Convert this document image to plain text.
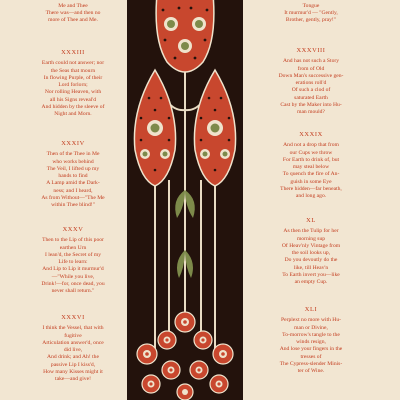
Me and Thee
There was—and then no
more of Thee and Me.
XXXIII
Earth could not answer; nor
the Seas that mourn
In flowing Purple, of their
Lord forlorn;
Nor rolling Heaven, with
all his Signs reveal'd
And hidden by the sleeve of
Night and Morn.
XXXIV
Then of the Thee in Me
who works behind
The Veil, I lifted up my
hands to find
A Lamp amid the Dark-
ness; and I heard,
As from Without—"The Me
within Thee blind!"
XXXV
Then to the Lip of this poor
earthen Urn
I lean'd, the Secret of my
Life to learn:
And Lip to Lip it murmur'd
—"While you live,
Drink!—for, once dead, you
never shall return."
XXXVI
I think the Vessel, that with
fugitive
Articulation answer'd, once
did live,
And drink; and Ah! the
passive Lip I kiss'd,
How many Kisses might it
take—and give!
Tongue
It murmur'd — "Gently,
Brother, gently, pray!"
XXXVIII
And has not such a Story
from of Old
Down Man's successive gen-
erations roll'd
Of such a clod of
saturated Earth
Cast by the Maker into Hu-
man mould?
XXXIX
And not a drop that from
our Cups we throw
For Earth to drink of, but
may steal below
To quench the fire of An-
guish in some Eye
There hidden—far beneath,
and long ago.
XL
As then the Tulip for her
morning sup
Of Heav'nly Vintage from
the soil looks up,
Do you devoutly do the
like, till Heav'n
To Earth invert you—like
an empty Cup.
XLI
Perplext no more with Hu-
man or Divine,
To-morrow's tangle to the
winds resign,
And lose your fingers in the
tresses of
The Cypress-slender Minis-
ter of Wine.
